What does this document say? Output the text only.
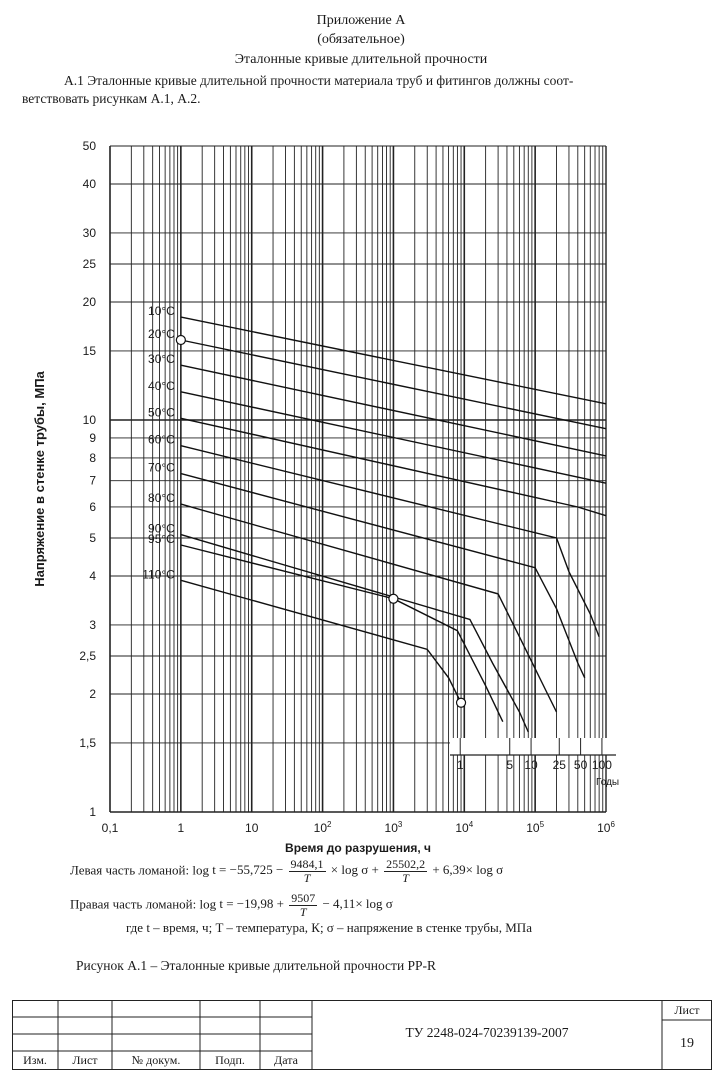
Приложение А
(обязательное)
Эталонные кривые длительной прочности
А.1 Эталонные кривые длительной прочности материала труб и фитингов должны соот-
ветствовать рисункам А.1, А.2.
1
1,5
2
2,5
3
4
5
6
7
8
9
10
15
20
25
30
40
50
0,1	1	10	$10^2$	$10^3$	$10^4$	$10^5$	$10^6$
Время до разрушения, ч
Напряжение в стенке трубы, МПа
1	5 10 25 50 100
Годы
10°C
20°C
30°C
40°C
50°C
60°C
70°C
80°C
90°C
95°C
110°C
Левая часть ломаной: $\log t = -55,725 - \frac{9484,1}{T} \times \log \sigma + \frac{25502,2}{T} + 6,39\times \log \sigma$
Правая часть ломаной: $\log t = -19,98 + \frac{9507}{T} - 4,11\times \log \sigma$
где t – время, ч; T – температура, К; σ – напряжение в стенке трубы, МПа
Рисунок А.1 – Эталонные кривые длительной прочности PP-R
ТУ 2248-024-70239139-2007
Лист
19
Изм.	Лист	№ докум.	Подп.	Дата
